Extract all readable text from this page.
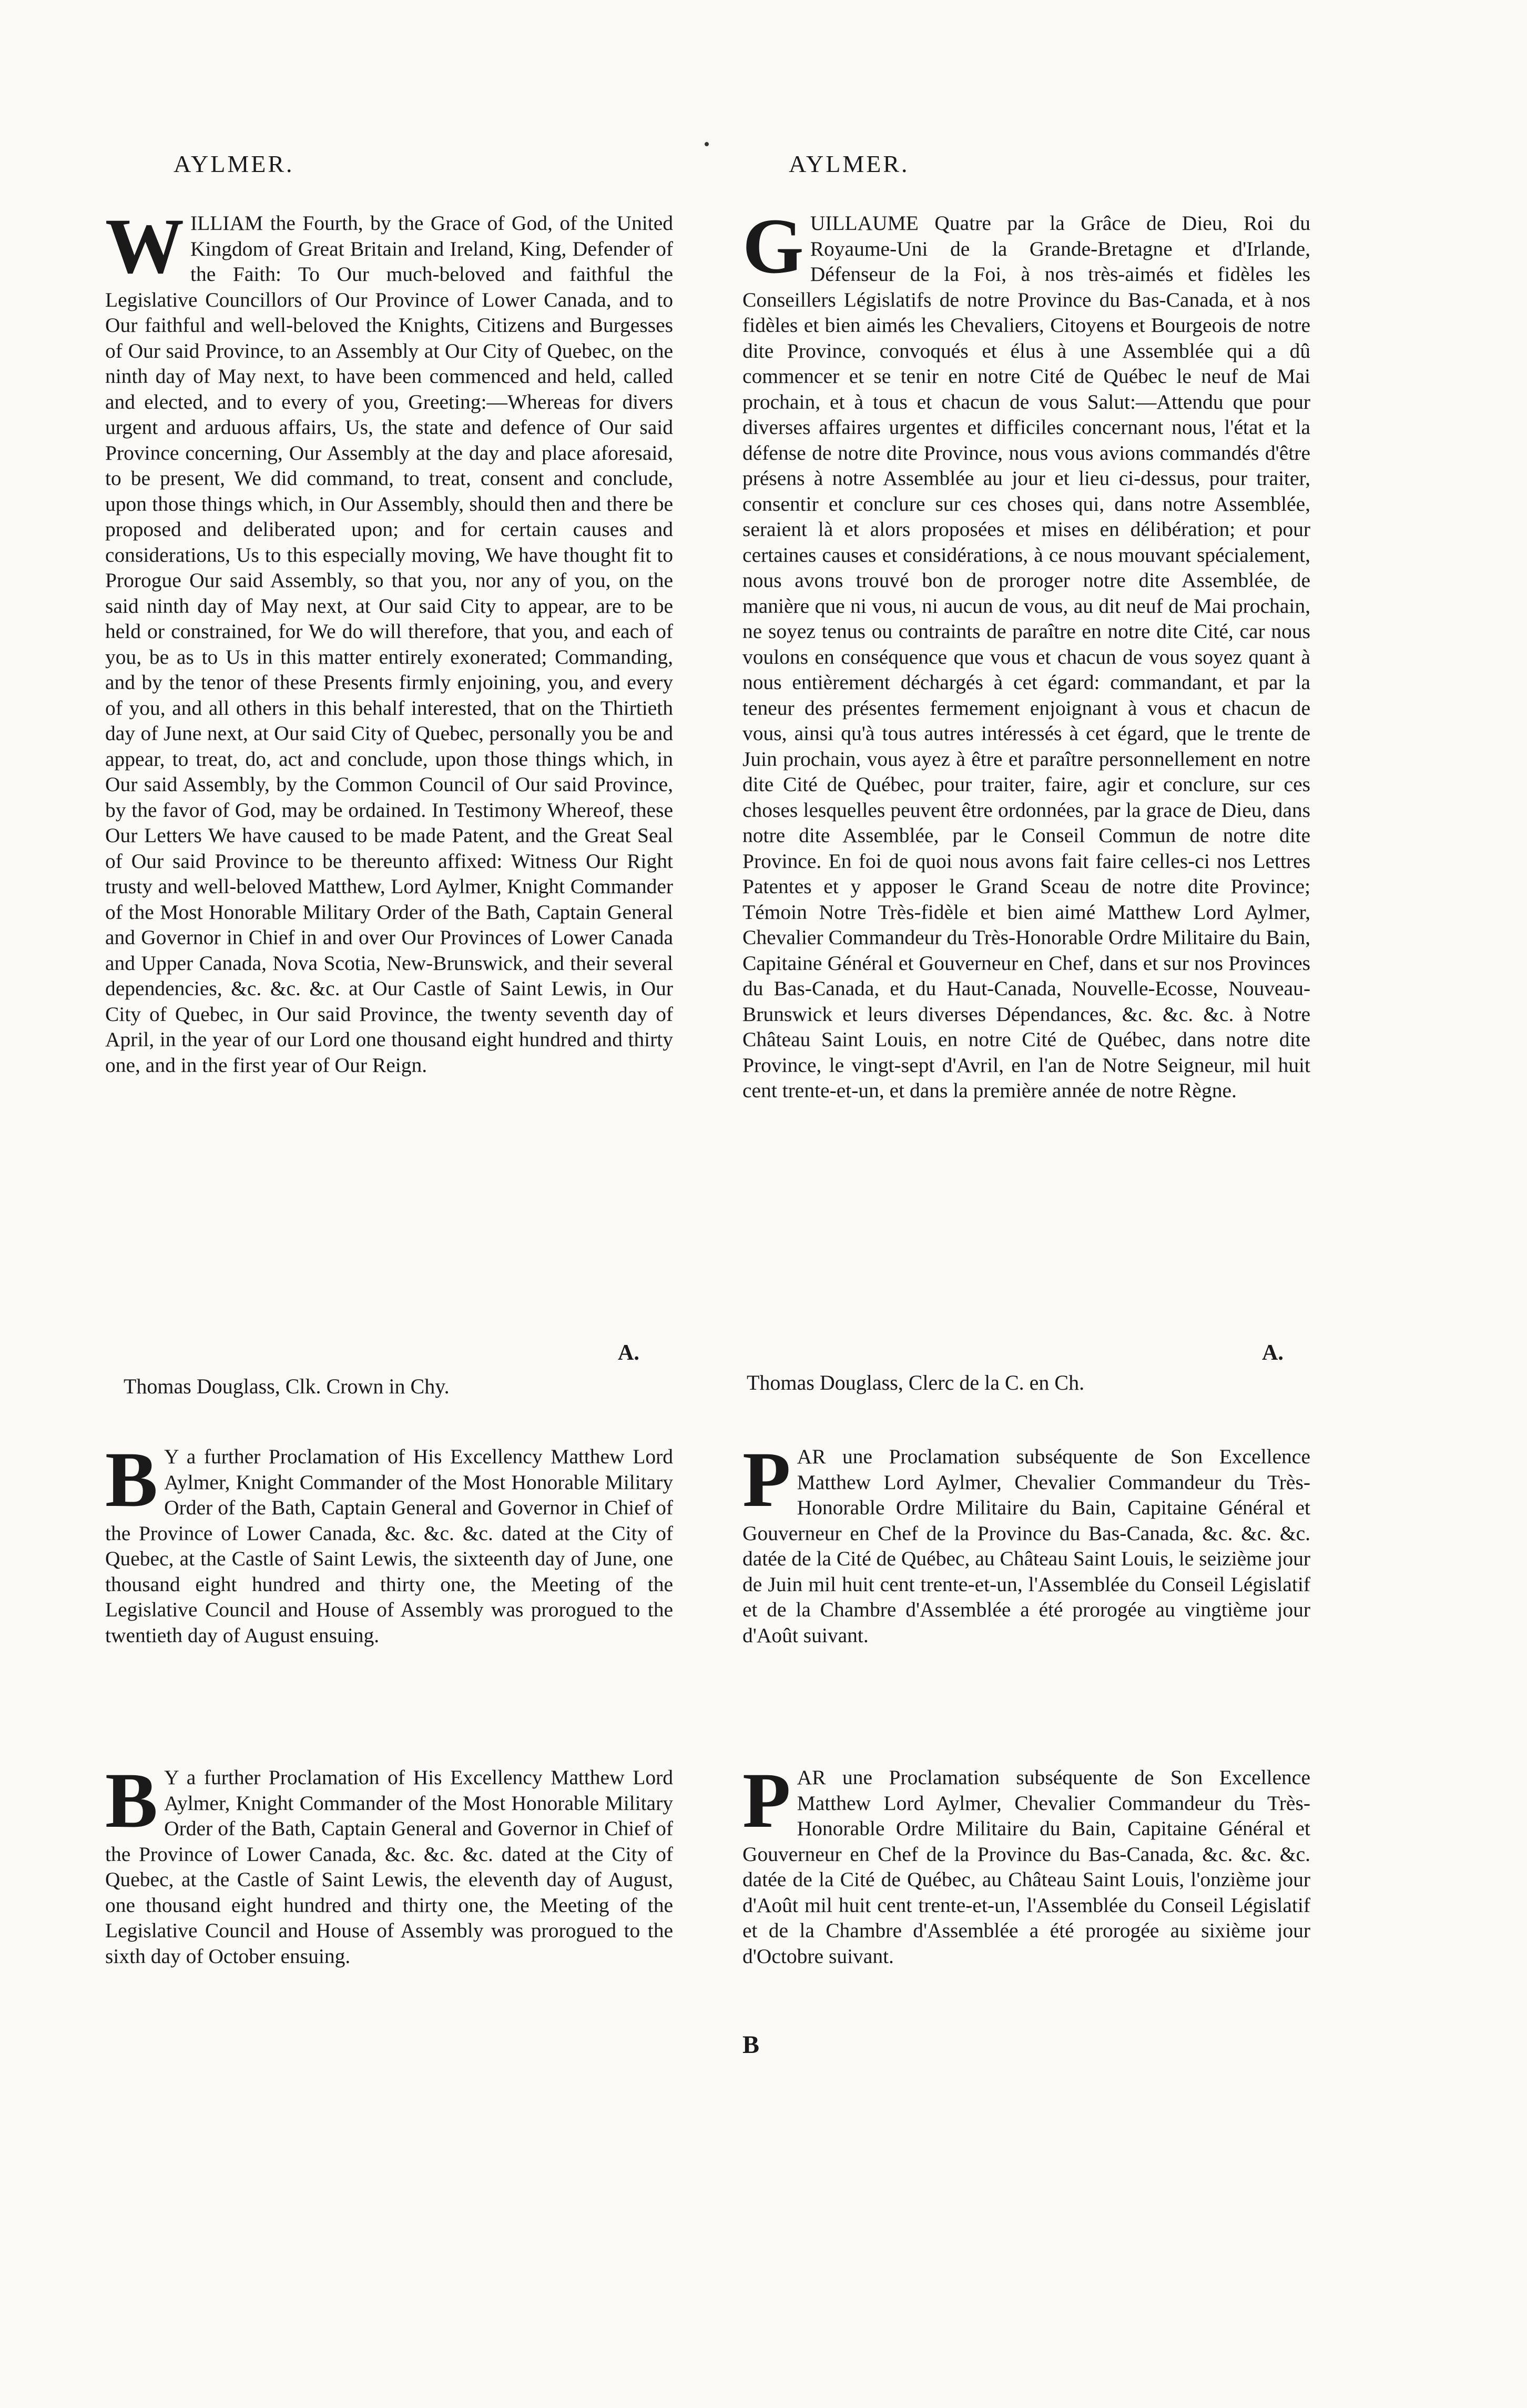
AYLMER.	AYLMER.
W ILLIAM the Fourth, by the Grace of God, of the United Kingdom of Great Britain and Ireland, King, Defender of the Faith: To Our much-beloved and faithful the Legislative Councillors of Our Province of Lower Canada, and to Our faithful and well-beloved the Knights, Citizens and Burgesses of Our said Province, to an Assembly at Our City of Quebec, on the ninth day of May next, to have been commenced and held, called and elected, and to every of you, Greeting:—Whereas for divers urgent and arduous affairs, Us, the state and defence of Our said Province concerning, Our Assembly at the day and place aforesaid, to be present, We did command, to treat, consent and conclude, upon those things which, in Our Assembly, should then and there be proposed and deliberated upon; and for certain causes and considerations, Us to this especially moving, We have thought fit to Prorogue Our said Assembly, so that you, nor any of you, on the said ninth day of May next, at Our said City to appear, are to be held or constrained, for We do will therefore, that you, and each of you, be as to Us in this matter entirely exonerated; Commanding, and by the tenor of these Presents firmly enjoining, you, and every of you, and all others in this behalf interested, that on the Thirtieth day of June next, at Our said City of Quebec, personally you be and appear, to treat, do, act and conclude, upon those things which, in Our said Assembly, by the Common Council of Our said Province, by the favor of God, may be ordained. In Testimony Whereof, these Our Letters We have caused to be made Patent, and the Great Seal of Our said Province to be thereunto affixed: Witness Our Right trusty and well-beloved Matthew, Lord Aylmer, Knight Commander of the Most Honorable Military Order of the Bath, Captain General and Governor in Chief in and over Our Provinces of Lower Canada and Upper Canada, Nova Scotia, New-Brunswick, and their several dependencies, &c. &c. &c. at Our Castle of Saint Lewis, in Our City of Quebec, in Our said Province, the twenty seventh day of April, in the year of our Lord one thousand eight hundred and thirty one, and in the first year of Our Reign.
G UILLAUME Quatre par la Grâce de Dieu, Roi du Royaume-Uni de la Grande-Bretagne et d'Irlande, Défenseur de la Foi, à nos très-aimés et fidèles les Conseillers Législatifs de notre Province du Bas-Canada, et à nos fidèles et bien aimés les Chevaliers, Citoyens et Bourgeois de notre dite Province, convoqués et élus à une Assemblée qui a dû commencer et se tenir en notre Cité de Québec le neuf de Mai prochain, et à tous et chacun de vous Salut:—Attendu que pour diverses affaires urgentes et difficiles concernant nous, l'état et la défense de notre dite Province, nous vous avions commandés d'être présens à notre Assemblée au jour et lieu ci-dessus, pour traiter, consentir et conclure sur ces choses qui, dans notre Assemblée, seraient là et alors proposées et mises en délibération; et pour certaines causes et considérations, à ce nous mouvant spécialement, nous avons trouvé bon de proroger notre dite Assemblée, de manière que ni vous, ni aucun de vous, au dit neuf de Mai prochain, ne soyez tenus ou contraints de paraître en notre dite Cité, car nous voulons en conséquence que vous et chacun de vous soyez quant à nous entièrement déchargés à cet égard: commandant, et par la teneur des présentes fermement enjoignant à vous et chacun de vous, ainsi qu'à tous autres intéressés à cet égard, que le trente de Juin prochain, vous ayez à être et paraître personnellement en notre dite Cité de Québec, pour traiter, faire, agir et conclure, sur ces choses lesquelles peuvent être ordonnées, par la grace de Dieu, dans notre dite Assemblée, par le Conseil Commun de notre dite Province. En foi de quoi nous avons fait faire celles-ci nos Lettres Patentes et y apposer le Grand Sceau de notre dite Province; Témoin Notre Très-fidèle et bien aimé Matthew Lord Aylmer, Chevalier Commandeur du Très-Honorable Ordre Militaire du Bain, Capitaine Général et Gouverneur en Chef, dans et sur nos Provinces du Bas-Canada, et du Haut-Canada, Nouvelle-Ecosse, Nouveau-Brunswick et leurs diverses Dépendances, &c. &c. &c. à Notre Château Saint Louis, en notre Cité de Québec, dans notre dite Province, le vingt-sept d'Avril, en l'an de Notre Seigneur, mil huit cent trente-et-un, et dans la première année de notre Règne.
A.	A.
Thomas Douglass, Clk. Crown in Chy.	Thomas Douglass, Clerc de la C. en Ch.
B Y a further Proclamation of His Excellency Matthew Lord Aylmer, Knight Commander of the Most Honorable Military Order of the Bath, Captain General and Governor in Chief of the Province of Lower Canada, &c. &c. &c. dated at the City of Quebec, at the Castle of Saint Lewis, the sixteenth day of June, one thousand eight hundred and thirty one, the Meeting of the Legislative Council and House of Assembly was prorogued to the twentieth day of August ensuing.
P AR une Proclamation subséquente de Son Excellence Matthew Lord Aylmer, Chevalier Commandeur du Très-Honorable Ordre Militaire du Bain, Capitaine Général et Gouverneur en Chef de la Province du Bas-Canada, &c. &c. &c. datée de la Cité de Québec, au Château Saint Louis, le seizième jour de Juin mil huit cent trente-et-un, l'Assemblée du Conseil Législatif et de la Chambre d'Assemblée a été prorogée au vingtième jour d'Août suivant.
B Y a further Proclamation of His Excellency Matthew Lord Aylmer, Knight Commander of the Most Honorable Military Order of the Bath, Captain General and Governor in Chief of the Province of Lower Canada, &c. &c. &c. dated at the City of Quebec, at the Castle of Saint Lewis, the eleventh day of August, one thousand eight hundred and thirty one, the Meeting of the Legislative Council and House of Assembly was prorogued to the sixth day of October ensuing.
P AR une Proclamation subséquente de Son Excellence Matthew Lord Aylmer, Chevalier Commandeur du Très-Honorable Ordre Militaire du Bain, Capitaine Général et Gouverneur en Chef de la Province du Bas-Canada, &c. &c. &c. datée de la Cité de Québec, au Château Saint Louis, l'onzième jour d'Août mil huit cent trente-et-un, l'Assemblée du Conseil Législatif et de la Chambre d'Assemblée a été prorogée au sixième jour d'Octobre suivant.
B
